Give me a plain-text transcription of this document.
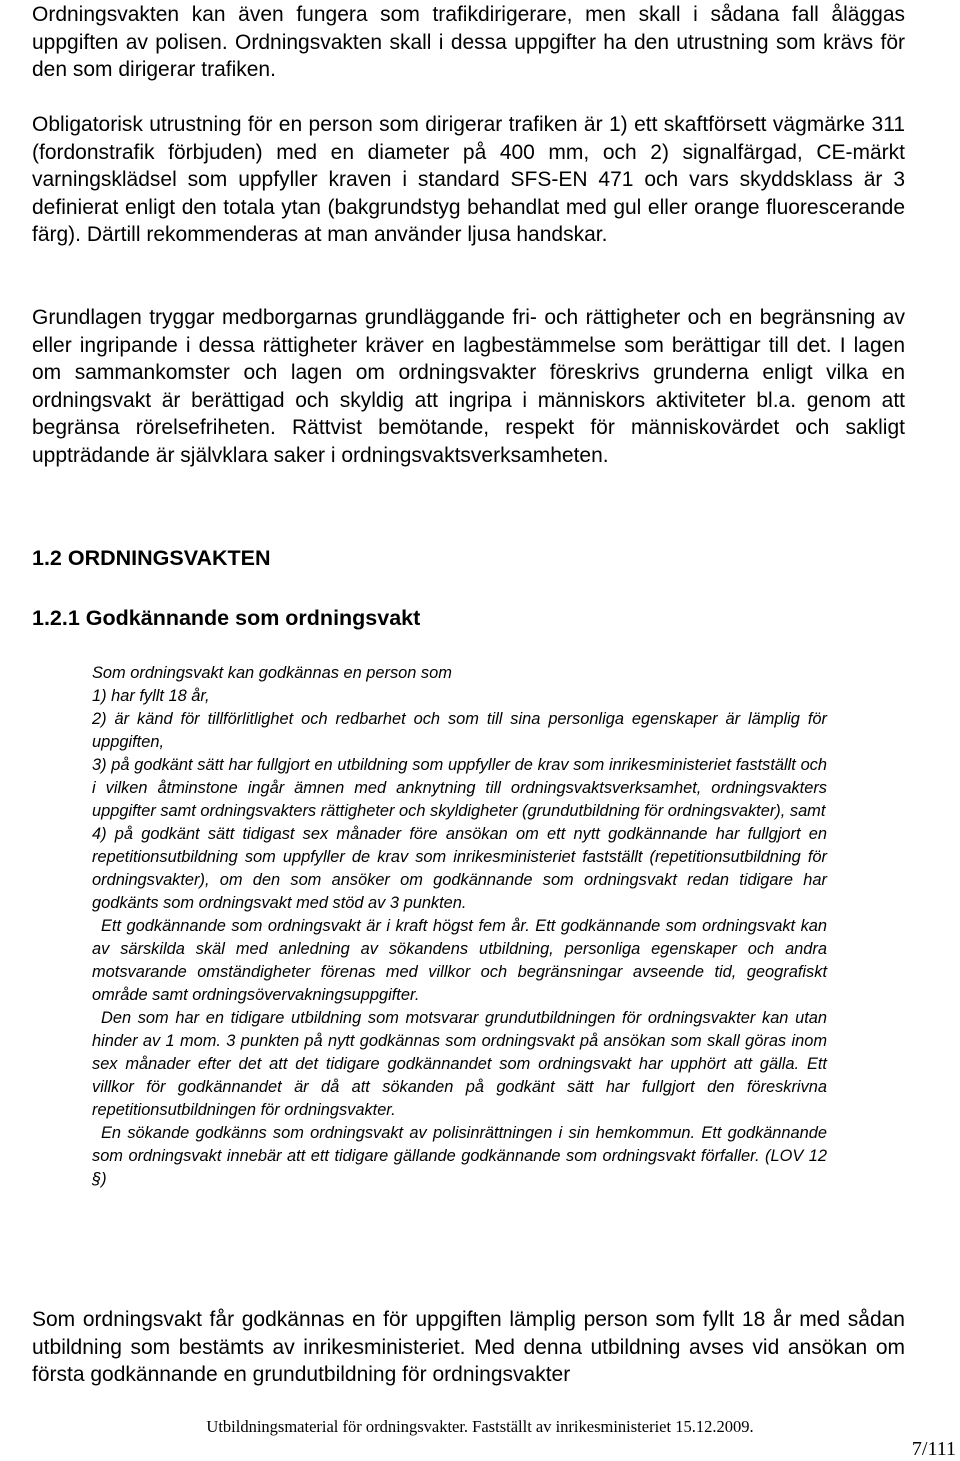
Ordningsvakten kan även fungera som trafikdirigerare, men skall i sådana fall åläggas uppgiften av polisen. Ordningsvakten skall i dessa uppgifter ha den utrustning som krävs för den som dirigerar trafiken.

Obligatorisk utrustning för en person som dirigerar trafiken är 1) ett skaftförsett vägmärke 311 (fordonstrafik förbjuden) med en diameter på 400 mm, och 2) signalfärgad, CE-märkt varningsklädsel som uppfyller kraven i standard SFS-EN 471 och vars skyddsklass är 3 definierat enligt den totala ytan (bakgrundstyg behandlat med gul eller orange fluorescerande färg). Därtill rekommenderas at man använder ljusa handskar.

Grundlagen tryggar medborgarnas grundläggande fri- och rättigheter och en begränsning av eller ingripande i dessa rättigheter kräver en lagbestämmelse som berättigar till det. I lagen om sammankomster och lagen om ordningsvakter föreskrivs grunderna enligt vilka en ordningsvakt är berättigad och skyldig att ingripa i människors aktiviteter bl.a. genom att begränsa rörelsefriheten. Rättvist bemötande, respekt för människovärdet och sakligt uppträdande är självklara saker i ordningsvaktsverksamheten.

1.2 ORDNINGSVAKTEN
1.2.1 Godkännande som ordningsvakt

Som ordningsvakt kan godkännas en person som

1) har fyllt 18 år,

2) är känd för tillförlitlighet och redbarhet och som till sina personliga egenskaper är lämplig för uppgiften,

3) på godkänt sätt har fullgjort en utbildning som uppfyller de krav som inrikesministeriet fastställt och i vilken åtminstone ingår ämnen med anknytning till ordningsvaktsverksamhet, ordningsvakters uppgifter samt ordningsvakters rättigheter och skyldigheter (grundutbildning för ordningsvakter), samt

4) på godkänt sätt tidigast sex månader före ansökan om ett nytt godkännande har fullgjort en repetitionsutbildning som uppfyller de krav som inrikesministeriet fastställt (repetitionsutbildning för ordningsvakter), om den som ansöker om godkännande som ordningsvakt redan tidigare har godkänts som ordningsvakt med stöd av 3 punkten.

Ett godkännande som ordningsvakt är i kraft högst fem år. Ett godkännande som ordningsvakt kan av särskilda skäl med anledning av sökandens utbildning, personliga egenskaper och andra motsvarande omständigheter förenas med villkor och begränsningar avseende tid, geografiskt område samt ordningsövervakningsuppgifter.

Den som har en tidigare utbildning som motsvarar grundutbildningen för ordningsvakter kan utan hinder av 1 mom. 3 punkten på nytt godkännas som ordningsvakt på ansökan som skall göras inom sex månader efter det att det tidigare godkännandet som ordningsvakt har upphört att gälla. Ett villkor för godkännandet är då att sökanden på godkänt sätt har fullgjort den föreskrivna repetitionsutbildningen för ordningsvakter.

En sökande godkänns som ordningsvakt av polisinrättningen i sin hemkommun. Ett godkännande som ordningsvakt innebär att ett tidigare gällande godkännande som ordningsvakt förfaller. (LOV 12 §)

Som ordningsvakt får godkännas en för uppgiften lämplig person som fyllt 18 år med sådan utbildning som bestämts av inrikesministeriet. Med denna utbildning avses vid ansökan om första godkännande en grundutbildning för ordningsvakter

Utbildningsmaterial för ordningsvakter. Fastställt av inrikesministeriet 15.12.2009.
7/111
